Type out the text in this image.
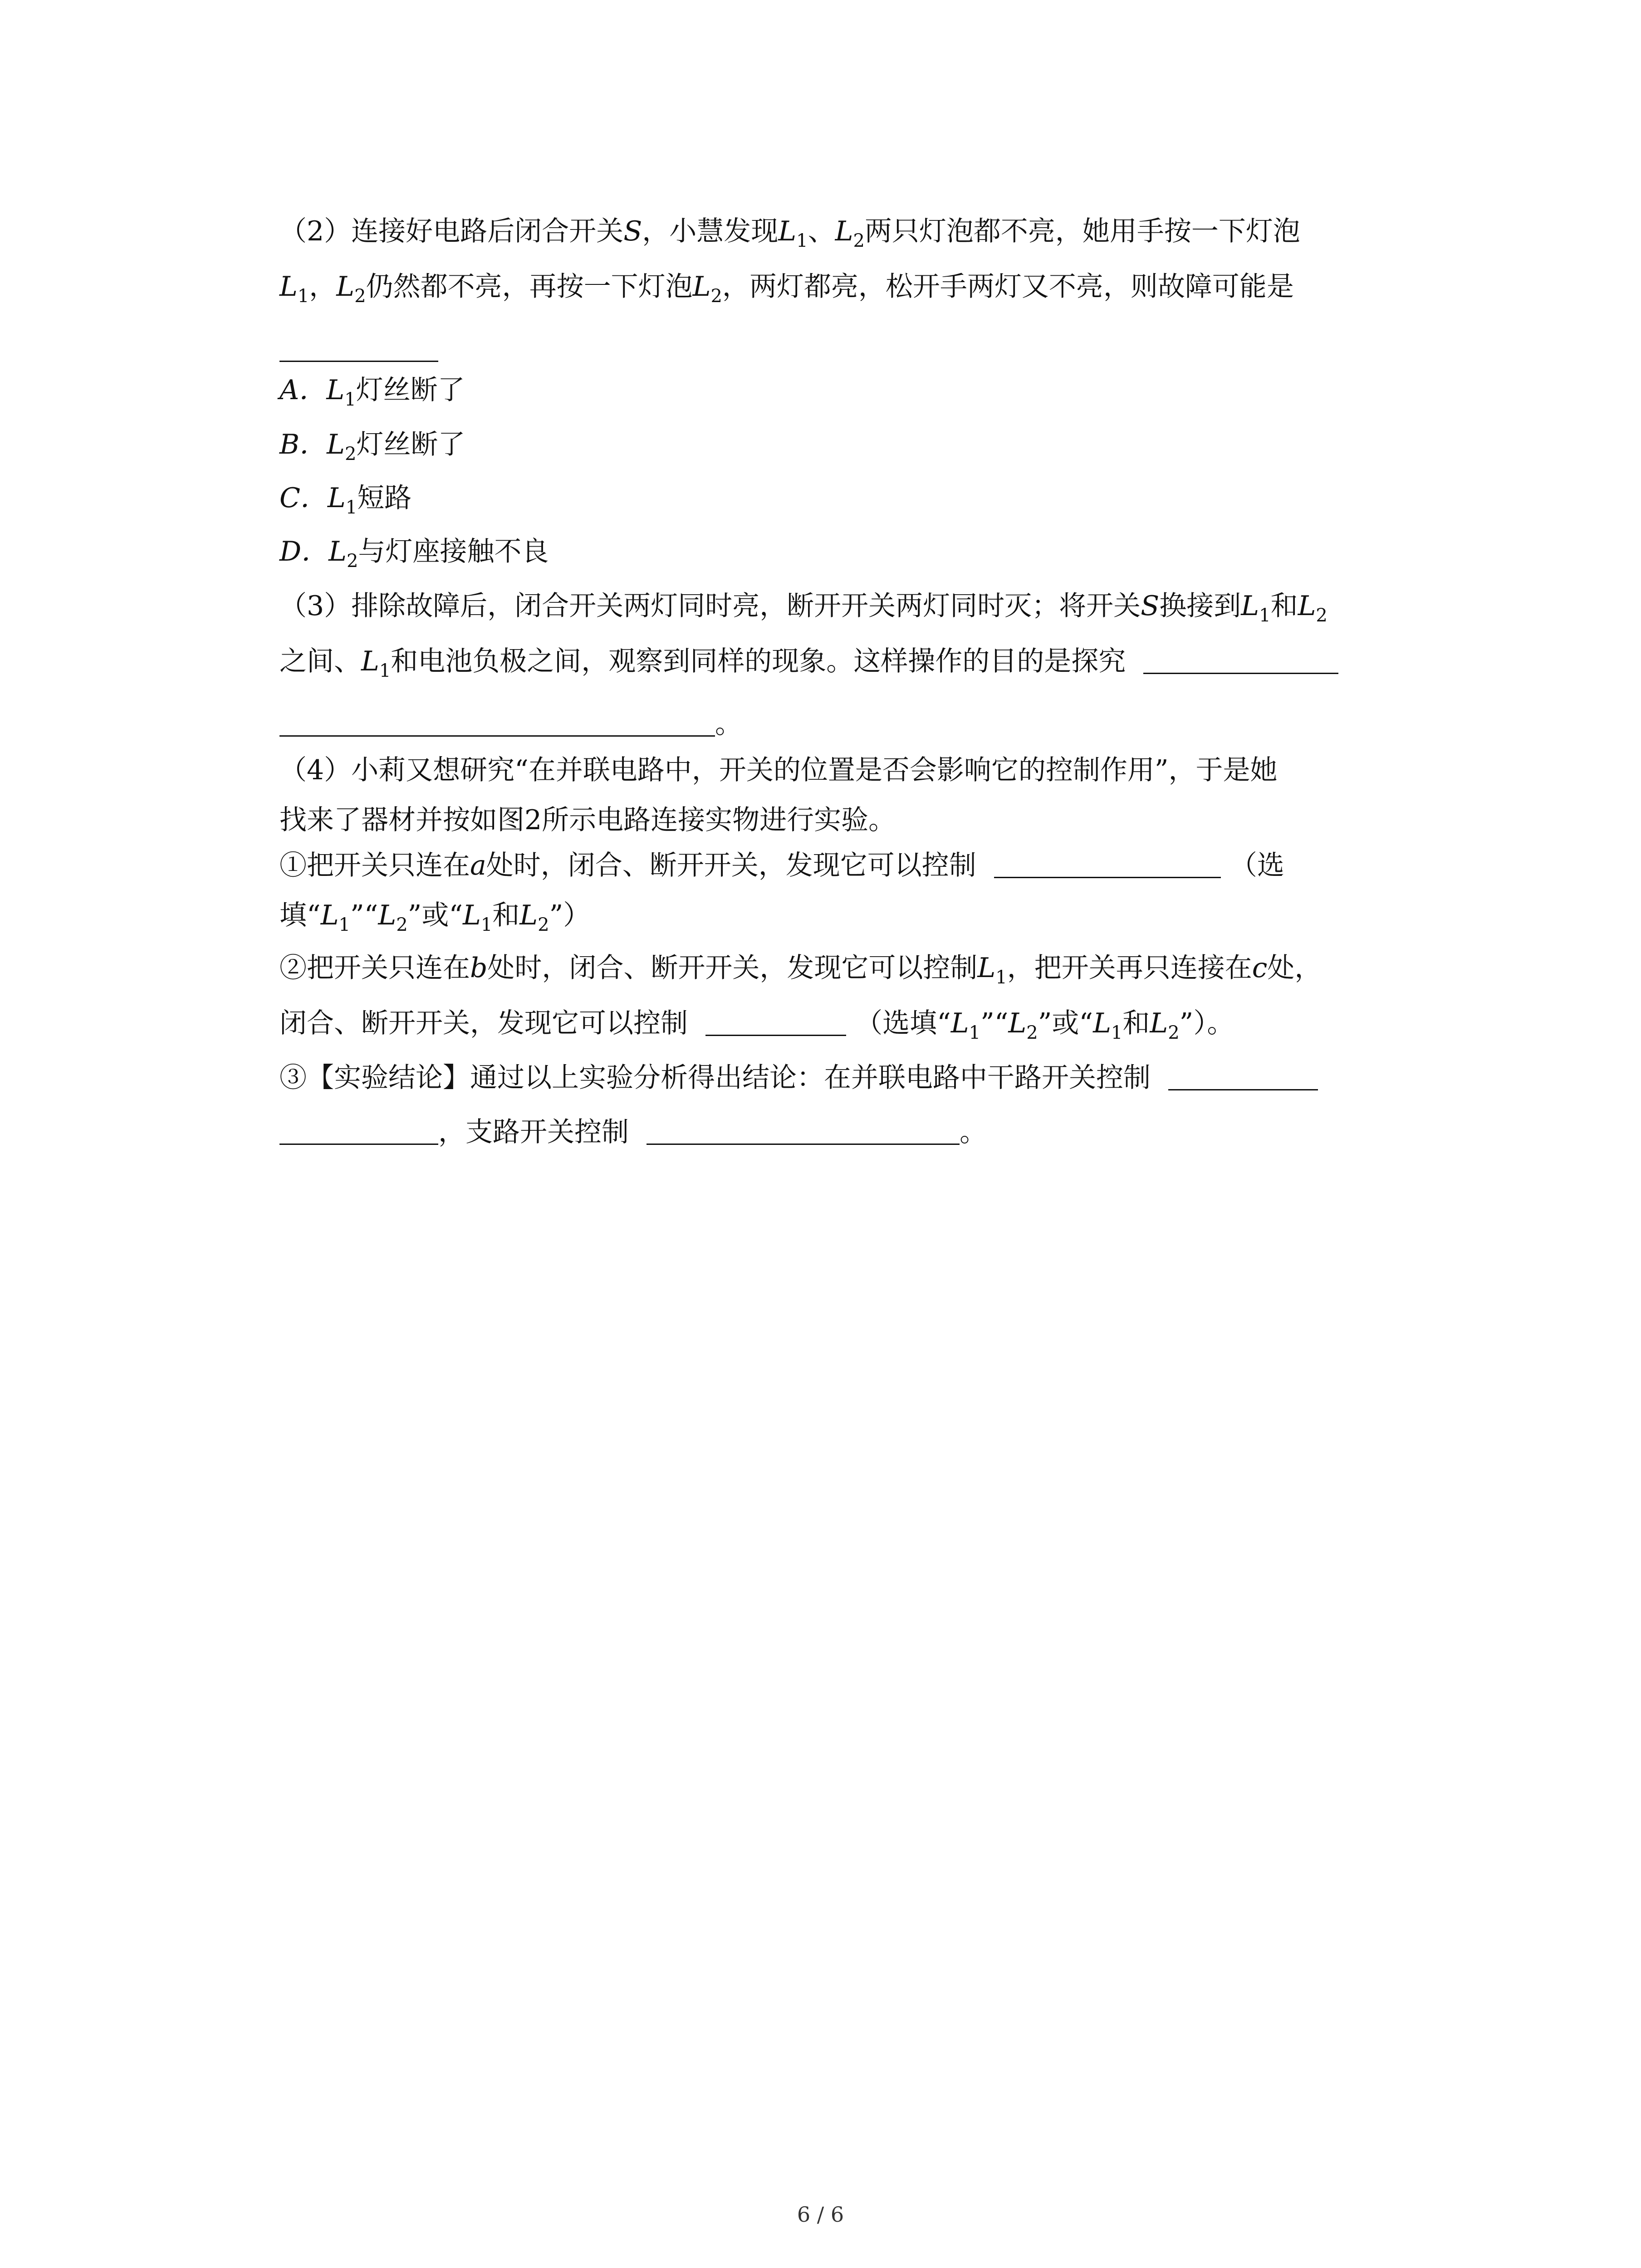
（2）连接好电路后闭合开关S，小慧发现$L_1$、$L_2$两只灯泡都不亮，她用手按一下灯泡
$L_1$，$L_2$仍然都不亮，再按一下灯泡$L_2$，两灯都亮，松开手两灯又不亮，则故障可能是
A．$L_1$灯丝断了
B．$L_2$灯丝断了
C．$L_1$短路
D．$L_2$与灯座接触不良
（3）排除故障后，闭合开关两灯同时亮，断开开关两灯同时灭；将开关S换接到$L_1$和$L_2$
之间、$L_1$和电池负极之间，观察到同样的现象。这样操作的目的是探究
。
（4）小莉又想研究“在并联电路中，开关的位置是否会影响它的控制作用”，于是她
找来了器材并按如图2所示电路连接实物进行实验。
①把开关只连在a处时，闭合、断开开关，发现它可以控制	（选
填“$L_1”“L_2$”或“$L_1$和$L_2$”）
②把开关只连在b处时，闭合、断开开关，发现它可以控制$L_1$，把开关再只连接在c处，
闭合、断开开关，发现它可以控制	（选填“$L_1”“L_2$”或“$L_1$和$L_2$”）。
③【实验结论】通过以上实验分析得出结论：在并联电路中干路开关控制
，支路开关控制	。
6 / 6
